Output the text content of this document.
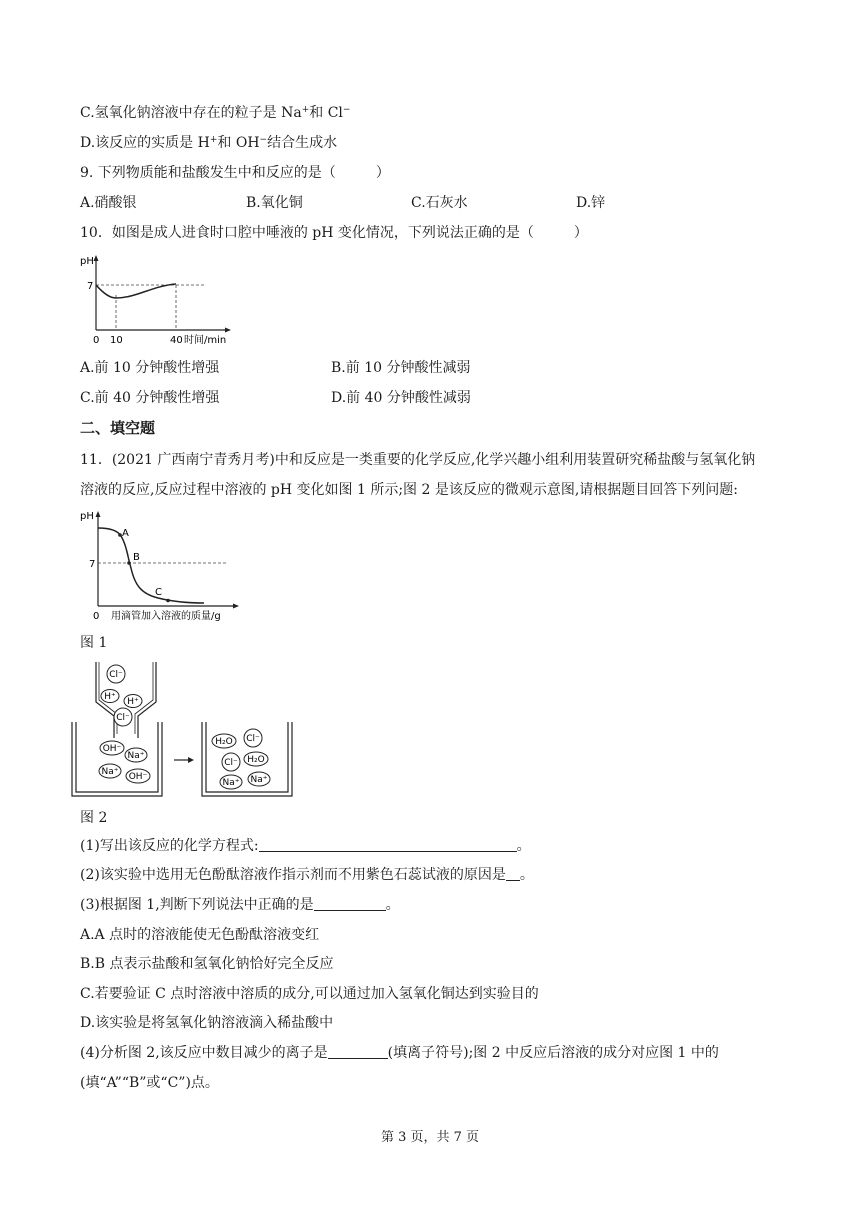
C.氢氧化钠溶液中存在的粒子是 Na+和 Cl−
D.该反应的实质是 H+和 OH−结合生成水
9. 下列物质能和盐酸发生中和反应的是（	）
A.硝酸银	B.氧化铜	C.石灰水	D.锌
10．如图是成人进食时口腔中唾液的 pH 变化情况，下列说法正确的是（	）
pH
7
0 10	40 时间/min
A.前 10 分钟酸性增强	B.前 10 分钟酸性减弱
C.前 40 分钟酸性增强	D.前 40 分钟酸性减弱
二、填空题
11．(2021 广西南宁青秀月考)中和反应是一类重要的化学反应,化学兴趣小组利用装置研究稀盐酸与氢氧化钠
溶液的反应,反应过程中溶液的 pH 变化如图 1 所示;图 2 是该反应的微观示意图,请根据题目回答下列问题:
pH
7
0
A
B
C
用滴管加入溶液的质量/g
图 1
Cl⁻
H⁺ H⁺
Cl⁻
OH⁻
Na⁺
Na⁺ OH⁻
H₂O Cl⁻
Cl⁻ H₂O
Na⁺ Na⁺
图 2
(1)写出该反应的化学方程式:	。
(2)该实验中选用无色酚酞溶液作指示剂而不用紫色石蕊试液的原因是 。
(3)根据图 1,判断下列说法中正确的是	。
A.A 点时的溶液能使无色酚酞溶液变红
B.B 点表示盐酸和氢氧化钠恰好完全反应
C.若要验证 C 点时溶液中溶质的成分,可以通过加入氢氧化铜达到实验目的
D.该实验是将氢氧化钠溶液滴入稀盐酸中
(4)分析图 2,该反应中数目减少的离子是	(填离子符号);图 2 中反应后溶液的成分对应图 1 中的
(填“A”“B”或“C”)点。
第 3 页，共 7 页
